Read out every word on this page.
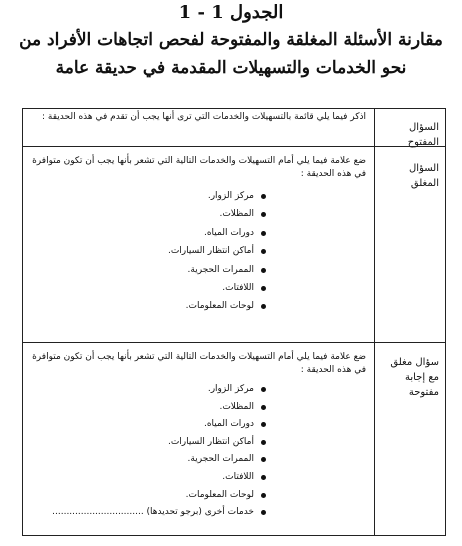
الجدول 1 - 1
مقارنة الأسئلة المغلقة والمفتوحة لفحص اتجاهات الأفراد من
نحو الخدمات والتسهيلات المقدمة في حديقة عامة
السؤال المفتوح
اذكر فيما يلي قائمة بالتسهيلات والخدمات التي ترى أنها يجب أن تقدم في هذه الحديقة :
السؤال المغلق
ضع علامة فيما يلي أمام التسهيلات والخدمات التالية التي تشعر بأنها يجب أن تكون متوافرة في هذه الحديقة :
مركز الزوار.
المظلات.
دورات المياه.
أماكن انتظار السيارات.
الممرات الحجرية.
اللافتات.
لوحات المعلومات.
سؤال مغلق مع إجابة مفتوحة
ضع علامة فيما يلي أمام التسهيلات والخدمات التالية التي تشعر بأنها يجب أن تكون متوافرة في هذه الحديقة :
مركز الزوار.
المظلات.
دورات المياه.
أماكن انتظار السيارات.
الممرات الحجرية.
اللافتات.
لوحات المعلومات.
خدمات أخرى (برجو تحديدها) ................................
